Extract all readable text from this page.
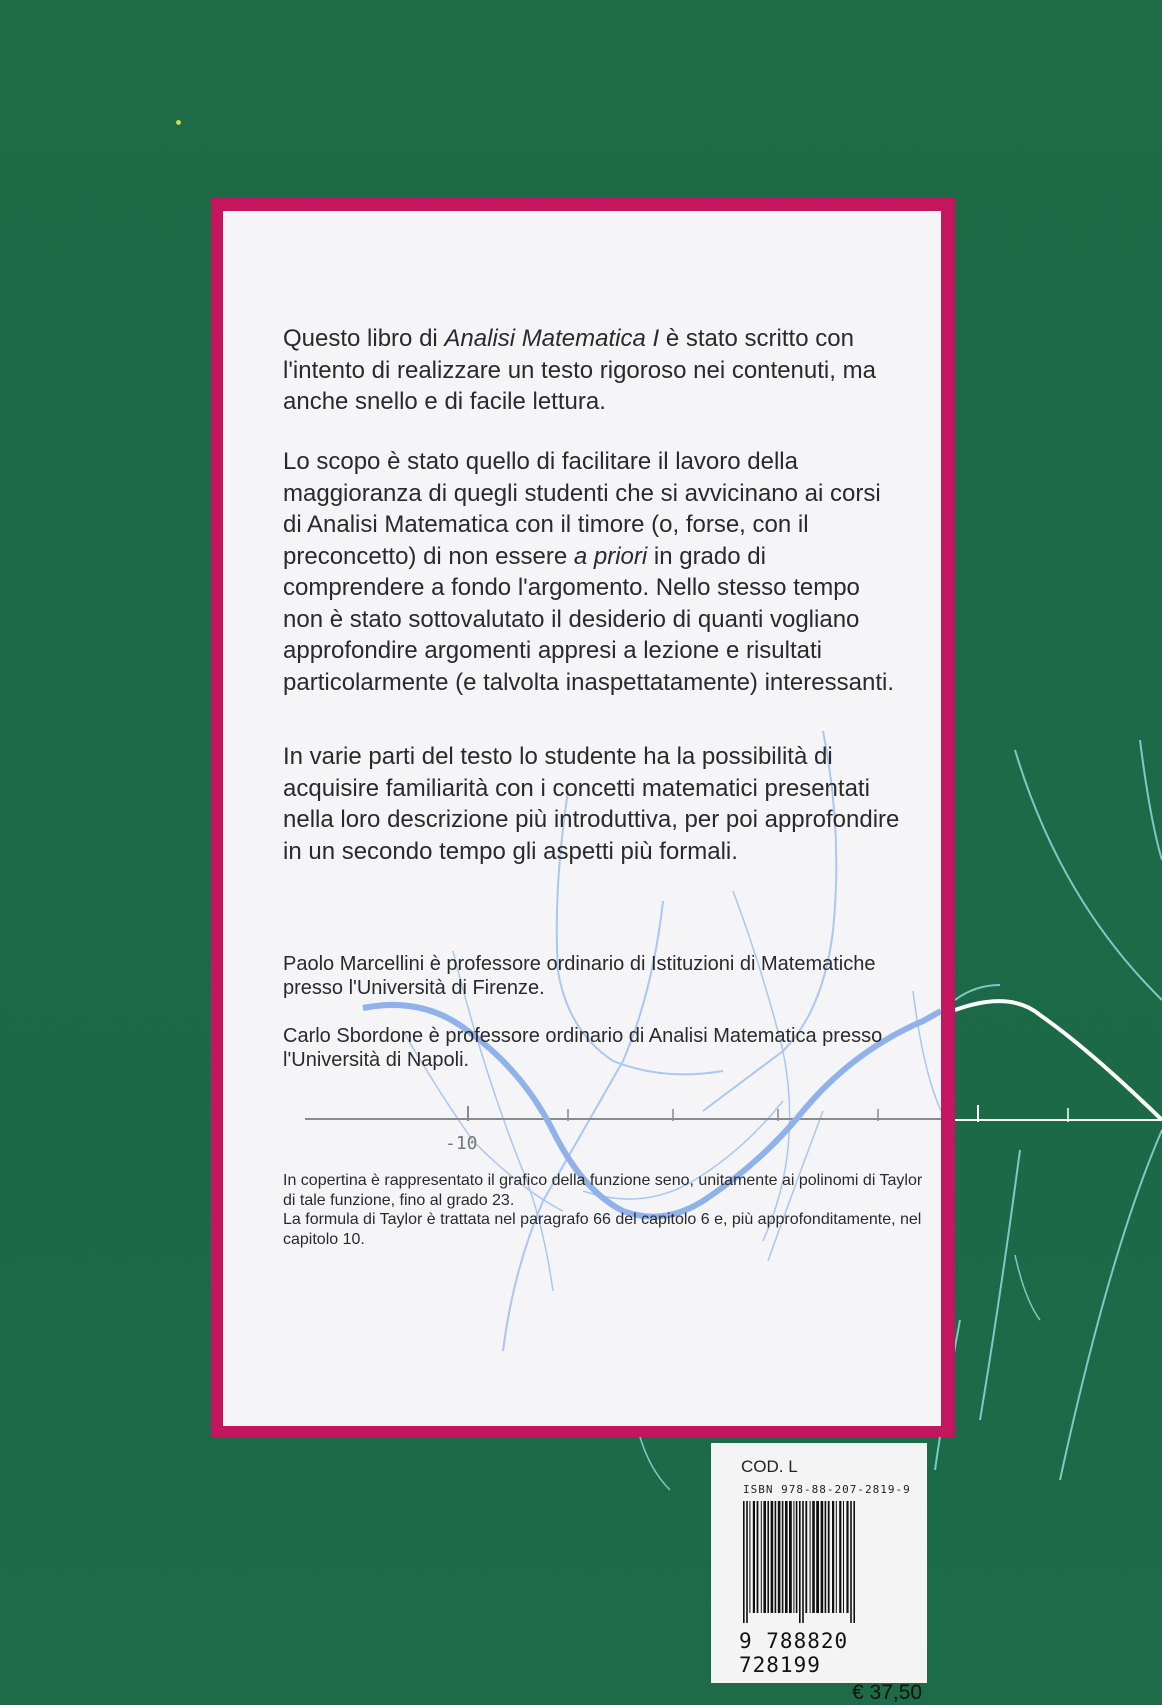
Questo libro di Analisi Matematica I è stato scritto con l'intento di realizzare un testo rigoroso nei contenuti, ma anche snello e di facile lettura.

Lo scopo è stato quello di facilitare il lavoro della maggioranza di quegli studenti che si avvicinano ai corsi di Analisi Matematica con il timore (o, forse, con il preconcetto) di non essere a priori in grado di comprendere a fondo l'argomento. Nello stesso tempo non è stato sottovalutato il desiderio di quanti vogliano approfondire argomenti appresi a lezione e risultati particolarmente (e talvolta inaspettatamente) interessanti.

In varie parti del testo lo studente ha la possibilità di acquisire familiarità con i concetti matematici presentati nella loro descrizione più introduttiva, per poi approfondire in un secondo tempo gli aspetti più formali.

Paolo Marcellini è professore ordinario di Istituzioni di Matematiche presso l'Università di Firenze.

Carlo Sbordone è professore ordinario di Analisi Matematica presso l'Università di Napoli.

-10

In copertina è rappresentato il grafico della funzione seno, unitamente ai polinomi di Taylor di tale funzione, fino al grado 23.

La formula di Taylor è trattata nel paragrafo 66 del capitolo 6 e, più approfonditamente, nel capitolo 10.

COD. L
ISBN 978-88-207-2819-9
9 788820 728199
€ 37,50
